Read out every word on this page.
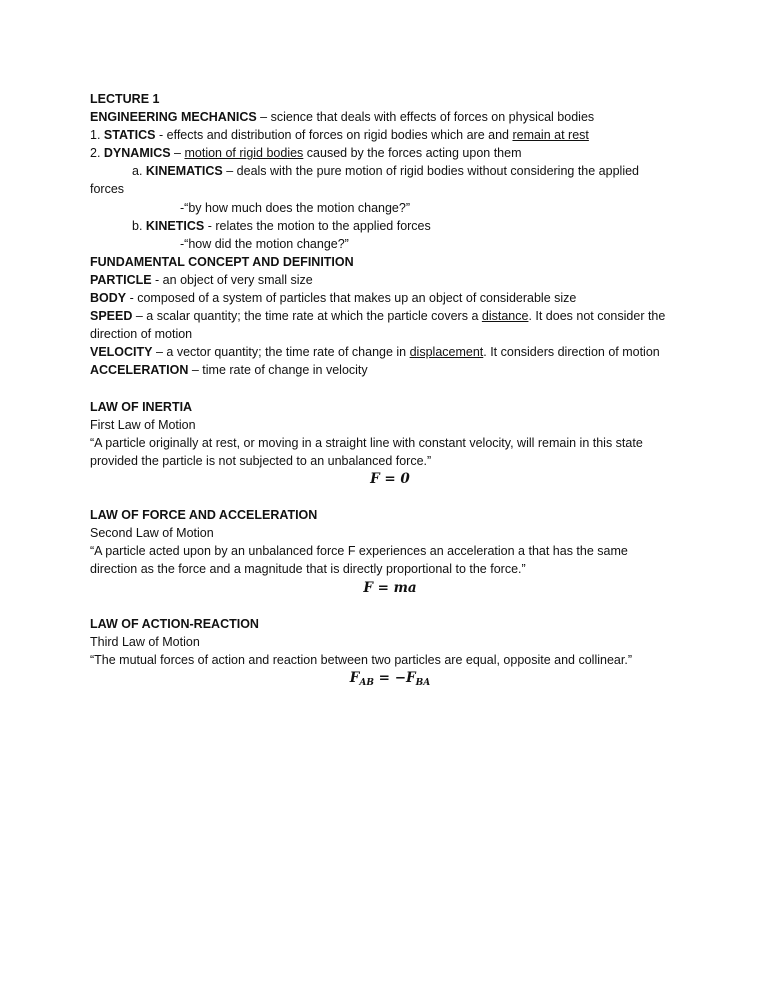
LECTURE 1

ENGINEERING MECHANICS – science that deals with effects of forces on physical bodies

1. STATICS - effects and distribution of forces on rigid bodies which are and remain at rest

2. DYNAMICS – motion of rigid bodies caused by the forces acting upon them

a. KINEMATICS – deals with the pure motion of rigid bodies without considering the applied

forces

-“by how much does the motion change?”

b. KINETICS - relates the motion to the applied forces

-“how did the motion change?”

FUNDAMENTAL CONCEPT AND DEFINITION

PARTICLE - an object of very small size

BODY - composed of a system of particles that makes up an object of considerable size

SPEED – a scalar quantity; the time rate at which the particle covers a distance. It does not consider the

direction of motion

VELOCITY – a vector quantity; the time rate of change in displacement. It considers direction of motion

ACCELERATION – time rate of change in velocity

LAW OF INERTIA

First Law of Motion

“A particle originally at rest, or moving in a straight line with constant velocity, will remain in this state

provided the particle is not subjected to an unbalanced force.”

F = 0

LAW OF FORCE AND ACCELERATION

Second Law of Motion

“A particle acted upon by an unbalanced force F experiences an acceleration a that has the same

direction as the force and a magnitude that is directly proportional to the force.”

F = ma

LAW OF ACTION-REACTION

Third Law of Motion

“The mutual forces of action and reaction between two particles are equal, opposite and collinear.”

$F_{AB} = -F_{BA}$
